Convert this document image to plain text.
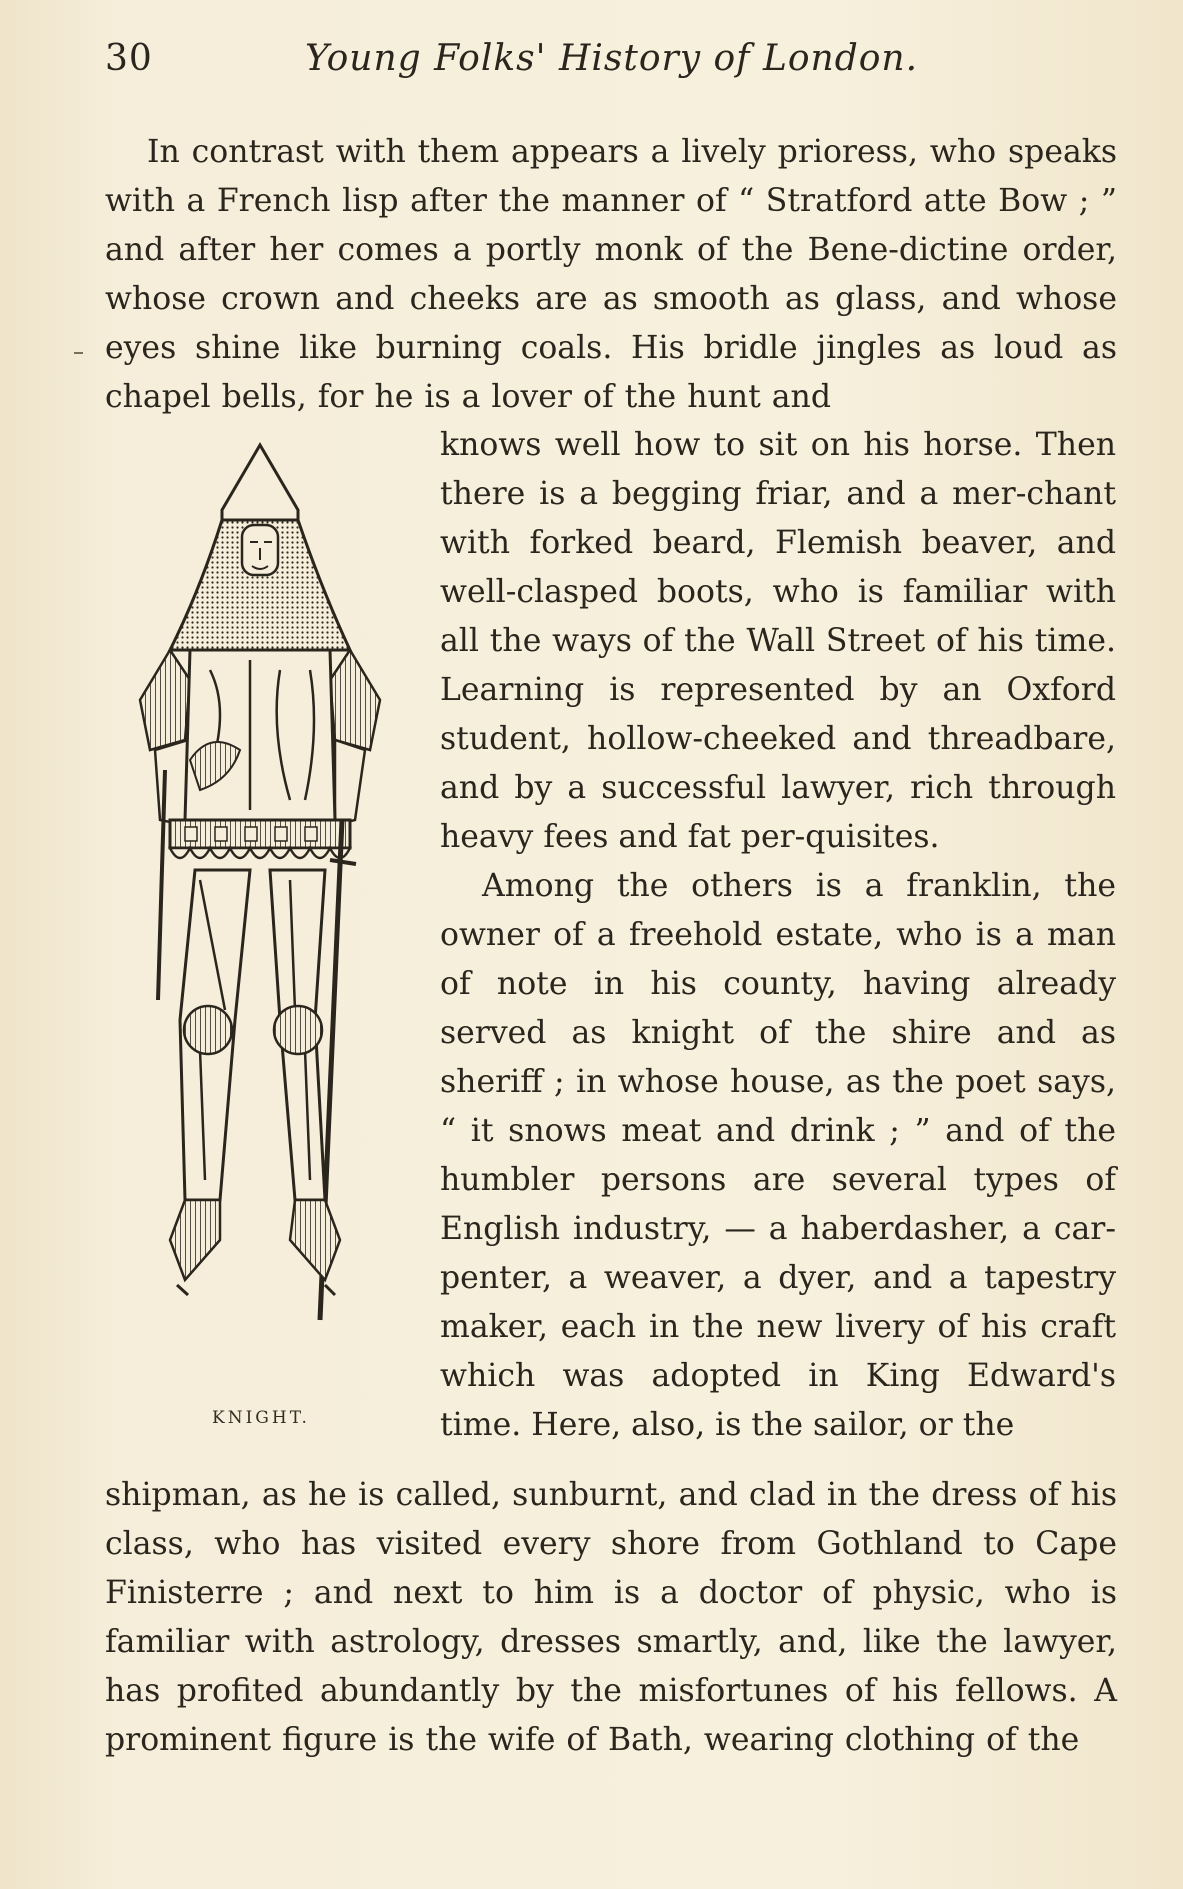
30	Young Folks' History of London.

In contrast with them appears a lively prioress, who speaks with a French lisp after the manner of “ Stratford atte Bow ; ” and after her comes a portly monk of the Bene-dictine order, whose crown and cheeks are as smooth as glass, and whose eyes shine like burning coals. His bridle jingles as loud as chapel bells, for he is a lover of the hunt and

KNIGHT.

knows well how to sit on his horse. Then there is a begging friar, and a mer-chant with forked beard, Flemish beaver, and well-clasped boots, who is familiar with all the ways of the Wall Street of his time. Learning is represented by an Oxford student, hollow-cheeked and threadbare, and by a successful lawyer, rich through heavy fees and fat per-quisites.

Among the others is a franklin, the owner of a freehold estate, who is a man of note in his county, having already served as knight of the shire and as sheriff ; in whose house, as the poet says, “ it snows meat and drink ; ” and of the humbler persons are several types of English industry, — a haberdasher, a car-penter, a weaver, a dyer, and a tapestry maker, each in the new livery of his craft which was adopted in King Edward's time. Here, also, is the sailor, or the

shipman, as he is called, sunburnt, and clad in the dress of his class, who has visited every shore from Gothland to Cape Finisterre ; and next to him is a doctor of physic, who is familiar with astrology, dresses smartly, and, like the lawyer, has profited abundantly by the misfortunes of his fellows. A prominent figure is the wife of Bath, wearing clothing of the
